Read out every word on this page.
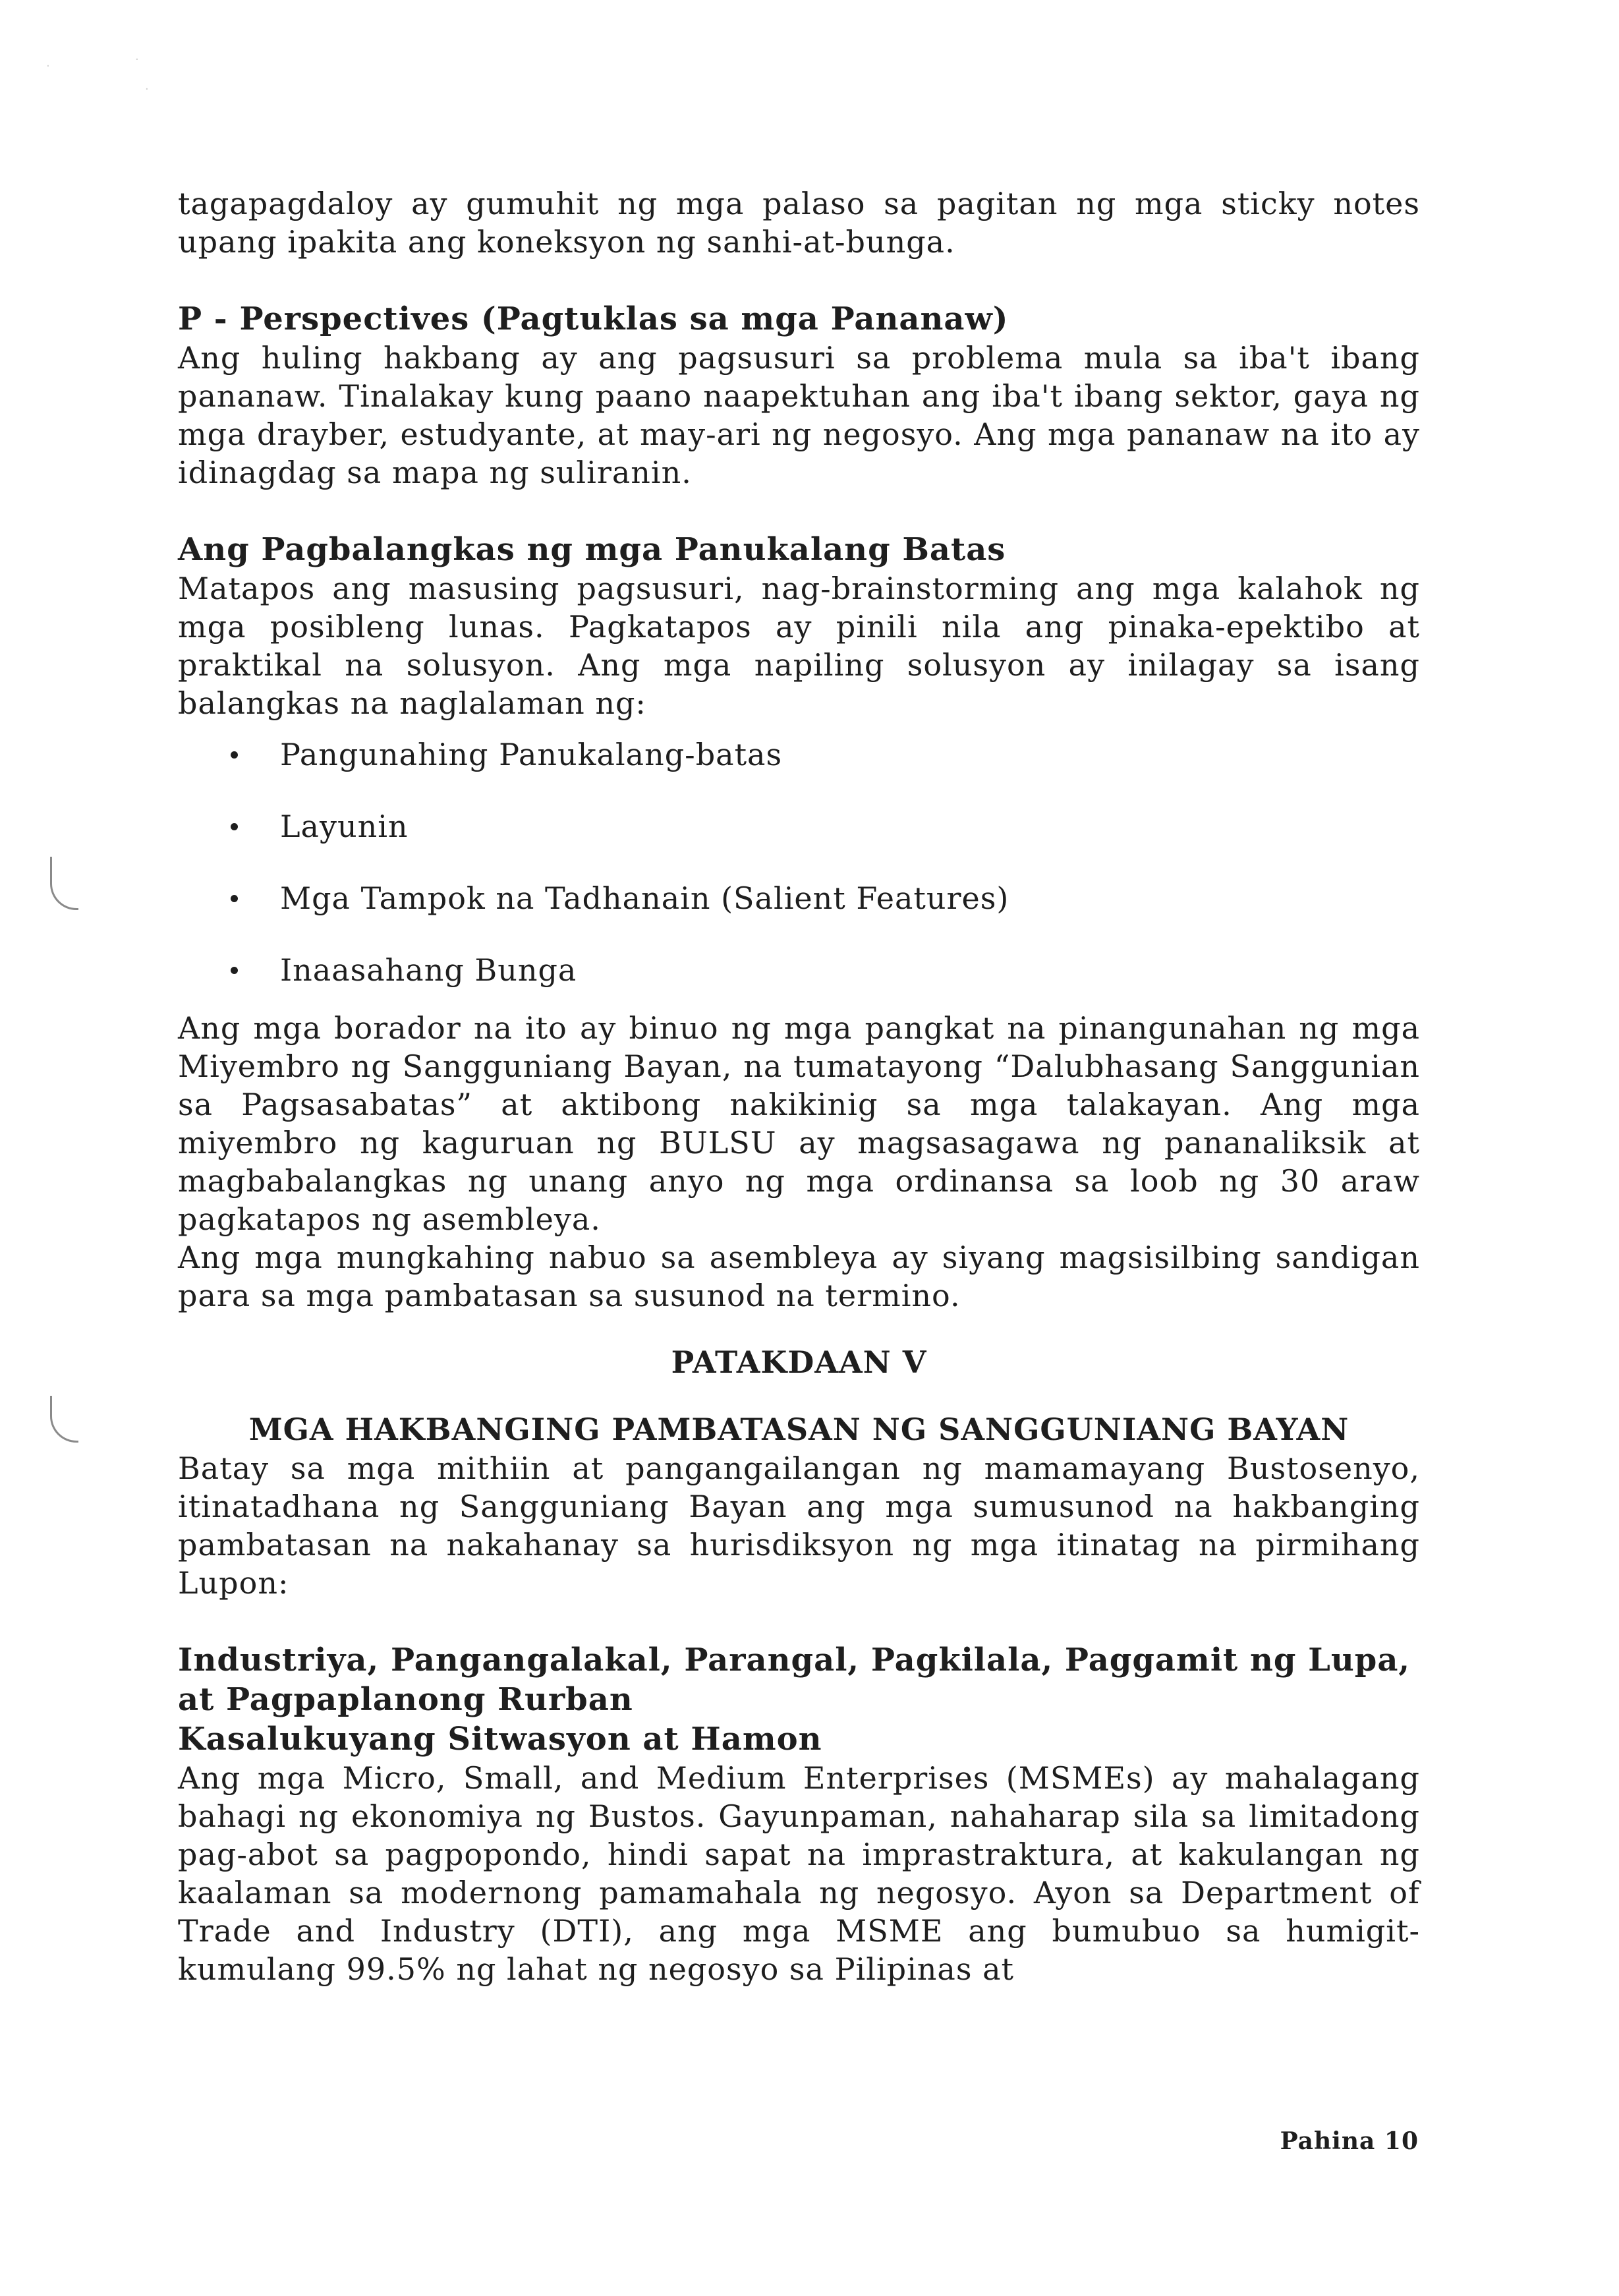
·	·
·

tagapagdaloy ay gumuhit ng mga palaso sa pagitan ng mga sticky notes upang ipakita ang koneksyon ng sanhi-at-bunga.

P - Perspectives (Pagtuklas sa mga Pananaw)

Ang huling hakbang ay ang pagsusuri sa problema mula sa iba't ibang pananaw. Tinalakay kung paano naapektuhan ang iba't ibang sektor, gaya ng mga drayber, estudyante, at may-ari ng negosyo. Ang mga pananaw na ito ay idinagdag sa mapa ng suliranin.

Ang Pagbalangkas ng mga Panukalang Batas

Matapos ang masusing pagsusuri, nag-brainstorming ang mga kalahok ng mga posibleng lunas. Pagkatapos ay pinili nila ang pinaka-epektibo at praktikal na solusyon. Ang mga napiling solusyon ay inilagay sa isang balangkas na naglalaman ng:

Pangunahing Panukalang-batas
Layunin
Mga Tampok na Tadhanain (Salient Features)
Inaasahang Bunga

Ang mga borador na ito ay binuo ng mga pangkat na pinangunahan ng mga Miyembro ng Sangguniang Bayan, na tumatayong “Dalubhasang Sanggunian sa Pagsasabatas” at aktibong nakikinig sa mga talakayan. Ang mga miyembro ng kaguruan ng BULSU ay magsasagawa ng pananaliksik at magbabalangkas ng unang anyo ng mga ordinansa sa loob ng 30 araw pagkatapos ng asembleya.

Ang mga mungkahing nabuo sa asembleya ay siyang magsisilbing sandigan para sa mga pambatasan sa susunod na termino.

PATAKDAAN V
MGA HAKBANGING PAMBATASAN NG SANGGUNIANG BAYAN

Batay sa mga mithiin at pangangailangan ng mamamayang Bustosenyo, itinatadhana ng Sangguniang Bayan ang mga sumusunod na hakbanging pambatasan na nakahanay sa hurisdiksyon ng mga itinatag na pirmihang Lupon:

Industriya, Pangangalakal, Parangal, Pagkilala, Paggamit ng Lupa, at Pagpaplanong Rurban
Kasalukuyang Sitwasyon at Hamon

Ang mga Micro, Small, and Medium Enterprises (MSMEs) ay mahalagang bahagi ng ekonomiya ng Bustos. Gayunpaman, nahaharap sila sa limitadong pag-abot sa pagpopondo, hindi sapat na imprastraktura, at kakulangan ng kaalaman sa modernong pamamahala ng negosyo. Ayon sa Department of Trade and Industry (DTI), ang mga MSME ang bumubuo sa humigit-kumulang 99.5% ng lahat ng negosyo sa Pilipinas at

Pahina 10
